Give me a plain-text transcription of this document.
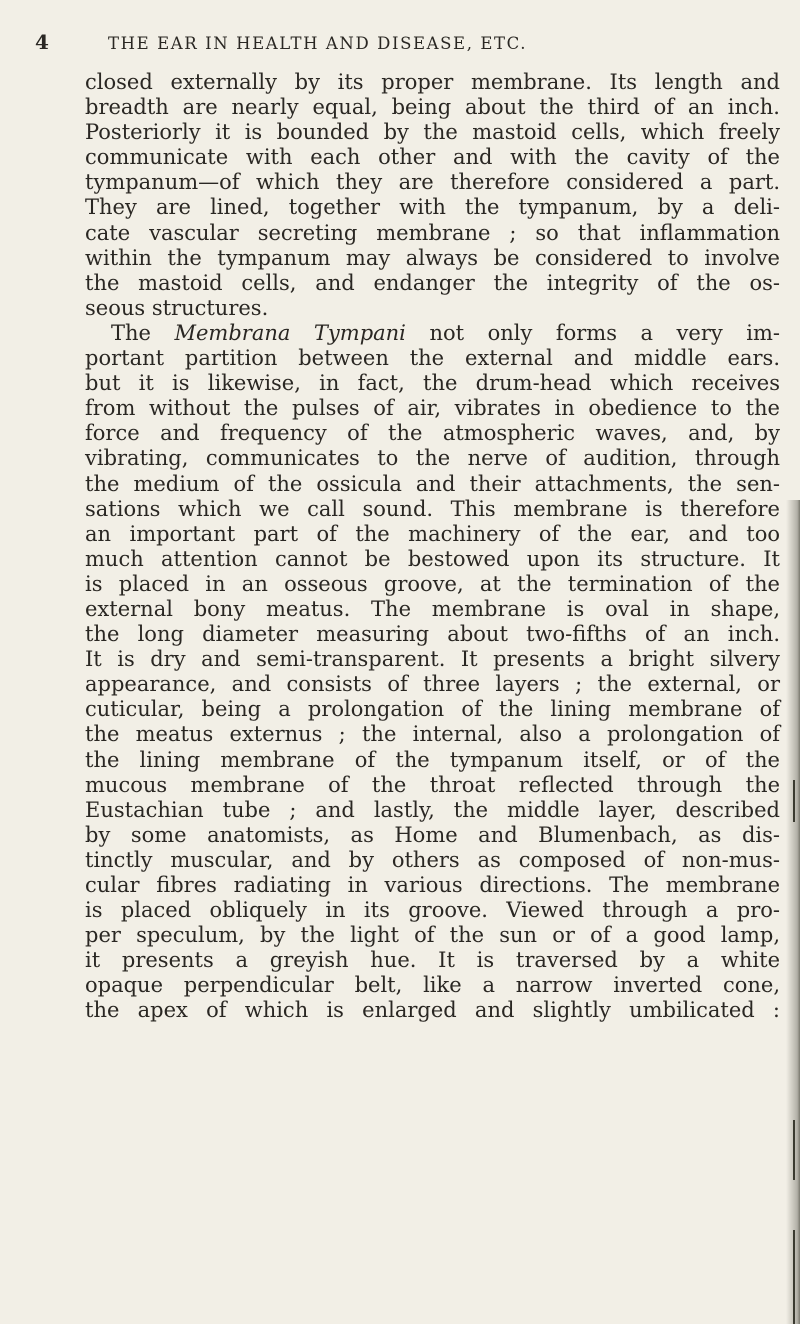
4	THE EAR IN HEALTH AND DISEASE, ETC.
closed externally by its proper membrane. Its length and
breadth are nearly equal, being about the third of an inch.
Posteriorly it is bounded by the mastoid cells, which freely
communicate with each other and with the cavity of the
tympanum—of which they are therefore considered a part.
They are lined, together with the tympanum, by a deli-
cate vascular secreting membrane ; so that inflammation
within the tympanum may always be considered to involve
the mastoid cells, and endanger the integrity of the os-
seous structures.
The Membrana Tympani not only forms a very im-
portant partition between the external and middle ears.
but it is likewise, in fact, the drum-head which receives
from without the pulses of air, vibrates in obedience to the
force and frequency of the atmospheric waves, and, by
vibrating, communicates to the nerve of audition, through
the medium of the ossicula and their attachments, the sen-
sations which we call sound. This membrane is therefore
an important part of the machinery of the ear, and too
much attention cannot be bestowed upon its structure. It
is placed in an osseous groove, at the termination of the
external bony meatus. The membrane is oval in shape,
the long diameter measuring about two-fifths of an inch.
It is dry and semi-transparent. It presents a bright silvery
appearance, and consists of three layers ; the external, or
cuticular, being a prolongation of the lining membrane of
the meatus externus ; the internal, also a prolongation of
the lining membrane of the tympanum itself, or of the
mucous membrane of the throat reflected through the
Eustachian tube ; and lastly, the middle layer, described
by some anatomists, as Home and Blumenbach, as dis-
tinctly muscular, and by others as composed of non-mus-
cular fibres radiating in various directions. The membrane
is placed obliquely in its groove. Viewed through a pro-
per speculum, by the light of the sun or of a good lamp,
it presents a greyish hue. It is traversed by a white
opaque perpendicular belt, like a narrow inverted cone,
the apex of which is enlarged and slightly umbilicated :
